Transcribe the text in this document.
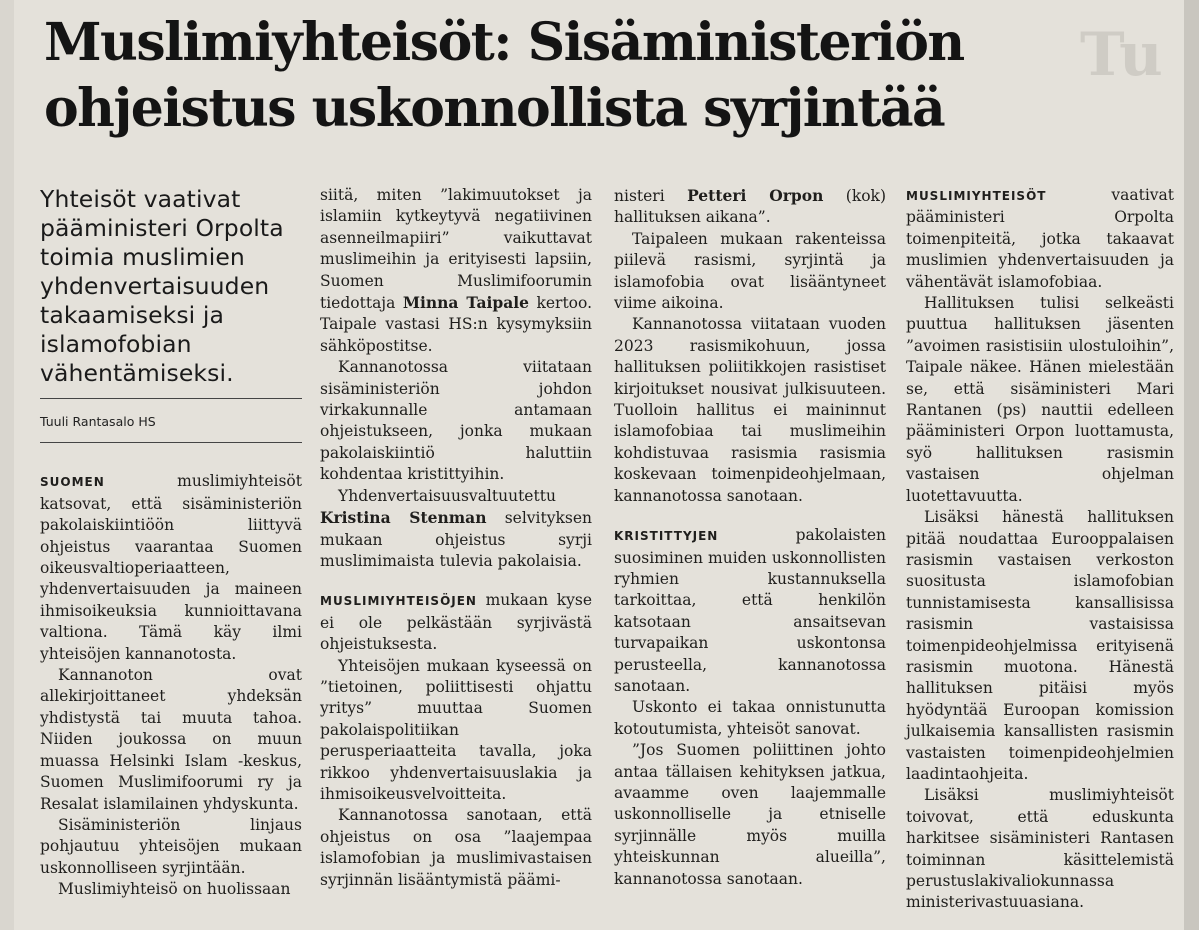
Tu
Muslimiyhteisöt: Sisäministeriön
ohjeistus uskonnollista syrjintää

Yhteisöt vaativat pääministeri Orpolta toimia muslimien yhdenvertaisuuden takaamiseksi ja islamofobian vähentämiseksi.

Tuuli Rantasalo HS

SUOMEN muslimiyhteisöt katsovat, että sisäministeriön pakolaiskiintiöön liittyvä ohjeistus vaarantaa Suomen oikeusvaltioperiaatteen, yhdenvertaisuuden ja maineen ihmisoikeuksia kunnioittavana valtiona. Tämä käy ilmi yhteisöjen kannanotosta.

Kannanoton ovat allekirjoittaneet yhdeksän yhdistystä tai muuta tahoa. Niiden joukossa on muun muassa Helsinki Islam -keskus, Suomen Muslimifoorumi ry ja Resalat islamilainen yhdyskunta.

Sisäministeriön linjaus pohjautuu yhteisöjen mukaan uskonnolliseen syrjintään.

Muslimiyhteisö on huolissaan

siitä, miten ”lakimuutokset ja islamiin kytkeytyvä negatiivinen asenneilmapiiri” vaikuttavat muslimeihin ja erityisesti lapsiin, Suomen Muslimifoorumin tiedottaja Minna Taipale kertoo. Taipale vastasi HS:n kysymyksiin sähköpostitse.

Kannanotossa viitataan sisäministeriön johdon virkakunnalle antamaan ohjeistukseen, jonka mukaan pakolaiskiintiö haluttiin kohdentaa kristittyihin.

Yhdenvertaisuusvaltuutettu Kristina Stenman selvityksen mukaan ohjeistus syrji muslimimaista tulevia pakolaisia.

MUSLIMIYHTEISÖJEN mukaan kyse ei ole pelkästään syrjivästä ohjeistuksesta.

Yhteisöjen mukaan kyseessä on ”tietoinen, poliittisesti ohjattu yritys” muuttaa Suomen pakolaispolitiikan perusperiaatteita tavalla, joka rikkoo yhdenvertaisuuslakia ja ihmisoikeusvelvoitteita.

Kannanotossa sanotaan, että ohjeistus on osa ”laajempaa islamofobian ja muslimivastaisen syrjinnän lisääntymistä päämi-

nisteri Petteri Orpon (kok) hallituksen aikana”.

Taipaleen mukaan rakenteissa piilevä rasismi, syrjintä ja islamofobia ovat lisääntyneet viime aikoina.

Kannanotossa viitataan vuoden 2023 rasismikohuun, jossa hallituksen poliitikkojen rasistiset kirjoitukset nousivat julkisuuteen. Tuolloin hallitus ei maininnut islamofobiaa tai muslimeihin kohdistuvaa rasismia rasismia koskevaan toimenpideohjelmaan, kannanotossa sanotaan.

KRISTITTYJEN pakolaisten suosiminen muiden uskonnollisten ryhmien kustannuksella tarkoittaa, että henkilön katsotaan ansaitsevan turvapaikan uskontonsa perusteella, kannanotossa sanotaan.

Uskonto ei takaa onnistunutta kotoutumista, yhteisöt sanovat.

”Jos Suomen poliittinen johto antaa tällaisen kehityksen jatkua, avaamme oven laajemmalle uskonnolliselle ja etniselle syrjinnälle myös muilla yhteiskunnan alueilla”, kannanotossa sanotaan.

MUSLIMIYHTEISÖT vaativat pääministeri Orpolta toimenpiteitä, jotka takaavat muslimien yhdenvertaisuuden ja vähentävät islamofobiaa.

Hallituksen tulisi selkeästi puuttua hallituksen jäsenten ”avoimen rasistisiin ulostuloihin”, Taipale näkee. Hänen mielestään se, että sisäministeri Mari Rantanen (ps) nauttii edelleen pääministeri Orpon luottamusta, syö hallituksen rasismin vastaisen ohjelman luotettavuutta.

Lisäksi hänestä hallituksen pitää noudattaa Eurooppalaisen rasismin vastaisen verkoston suositusta islamofobian tunnistamisesta kansallisissa rasismin vastaisissa toimenpideohjelmissa erityisenä rasismin muotona. Hänestä hallituksen pitäisi myös hyödyntää Euroopan komission julkaisemia kansallisten rasismin vastaisten toimenpideohjelmien laadintaohjeita.

Lisäksi muslimiyhteisöt toivovat, että eduskunta harkitsee sisäministeri Rantasen toiminnan käsittelemistä perustuslakivaliokunnassa ministerivastuuasiana.
